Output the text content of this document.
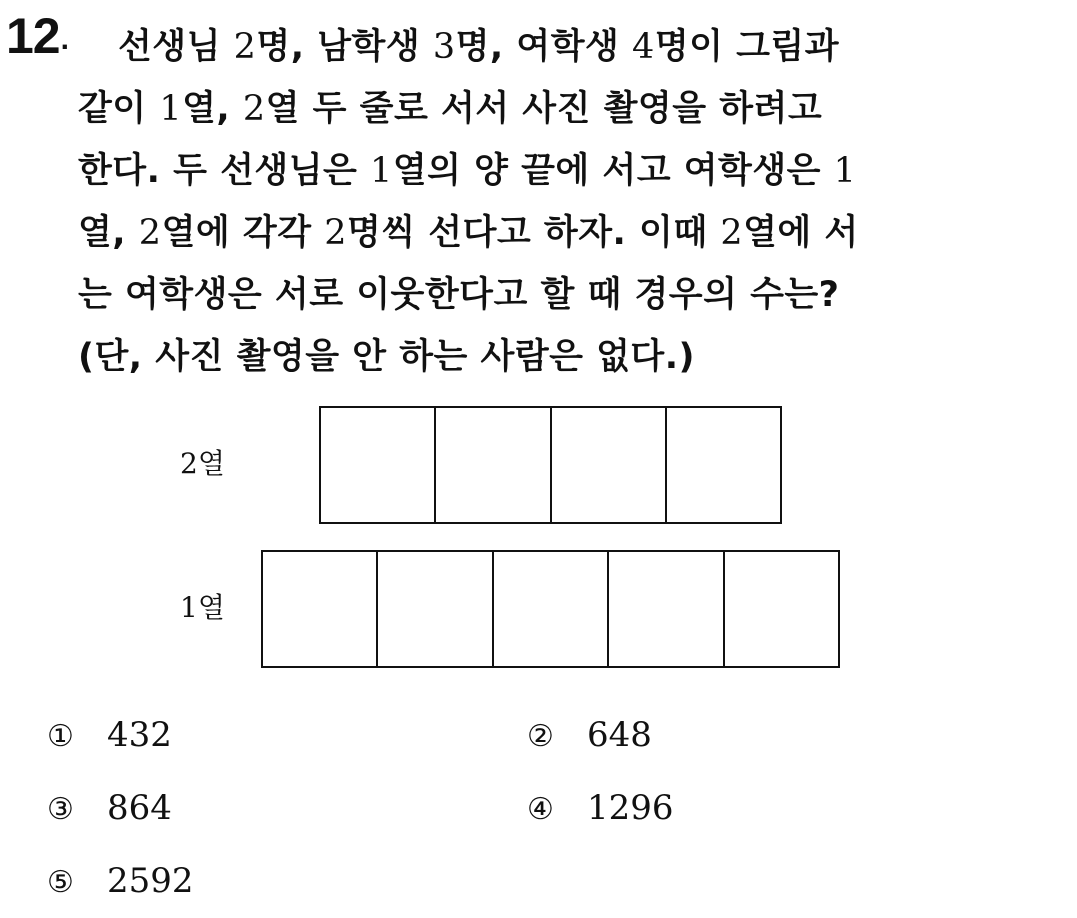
12.	선생님 2명, 남학생 3명, 여학생 4명이 그림과
같이 1열, 2열 두 줄로 서서 사진 촬영을 하려고
한다. 두 선생님은 1열의 양 끝에 서고 여학생은 1
열, 2열에 각각 2명씩 선다고 하자. 이때 2열에 서
는 여학생은 서로 이웃한다고 할 때 경우의 수는?
(단, 사진 촬영을 안 하는 사람은 없다.)
2열
1열
① 432	② 648
③ 864	④ 1296
⑤ 2592
